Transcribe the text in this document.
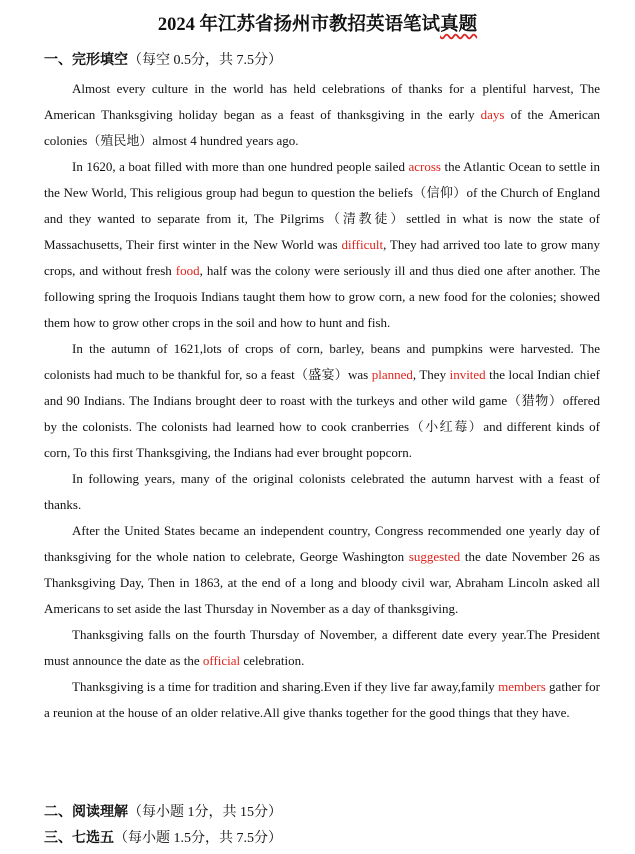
2024 年江苏省扬州市教招英语笔试真题
一、完形填空（每空 0.5分，共 7.5分）

Almost every culture in the world has held celebrations of thanks for a plentiful harvest, The American Thanksgiving holiday began as a feast of thanksgiving in the early days of the American colonies（殖民地）almost 4 hundred years ago.

In 1620, a boat filled with more than one hundred people sailed across the Atlantic Ocean to settle in the New World, This religious group had begun to question the beliefs（信仰）of the Church of England and they wanted to separate from it, The Pilgrims（清教徒）settled in what is now the state of Massachusetts, Their first winter in the New World was difficult, They had arrived too late to grow many crops, and without fresh food, half was the colony were seriously ill and thus died one after another. The following spring the Iroquois Indians taught them how to grow corn, a new food for the colonies; showed them how to grow other crops in the soil and how to hunt and fish.

In the autumn of 1621,lots of crops of corn, barley, beans and pumpkins were harvested. The colonists had much to be thankful for, so a feast（盛宴）was planned, They invited the local Indian chief and 90 Indians. The Indians brought deer to roast with the turkeys and other wild game（猎物）offered by the colonists. The colonists had learned how to cook cranberries（小红莓）and different kinds of corn, To this first Thanksgiving, the Indians had ever brought popcorn.

In following years, many of the original colonists celebrated the autumn harvest with a feast of thanks.

After the United States became an independent country, Congress recommended one yearly day of thanksgiving for the whole nation to celebrate, George Washington suggested the date November 26 as Thanksgiving Day, Then in 1863, at the end of a long and bloody civil war, Abraham Lincoln asked all Americans to set aside the last Thursday in November as a day of thanksgiving.

Thanksgiving falls on the fourth Thursday of November, a different date every year.The President must announce the date as the official celebration.

Thanksgiving is a time for tradition and sharing.Even if they live far away,family members gather for a reunion at the house of an older relative.All give thanks together for the good things that they have.

二、阅读理解（每小题 1分，共 15分）
三、七选五（每小题 1.5分，共 7.5分）
